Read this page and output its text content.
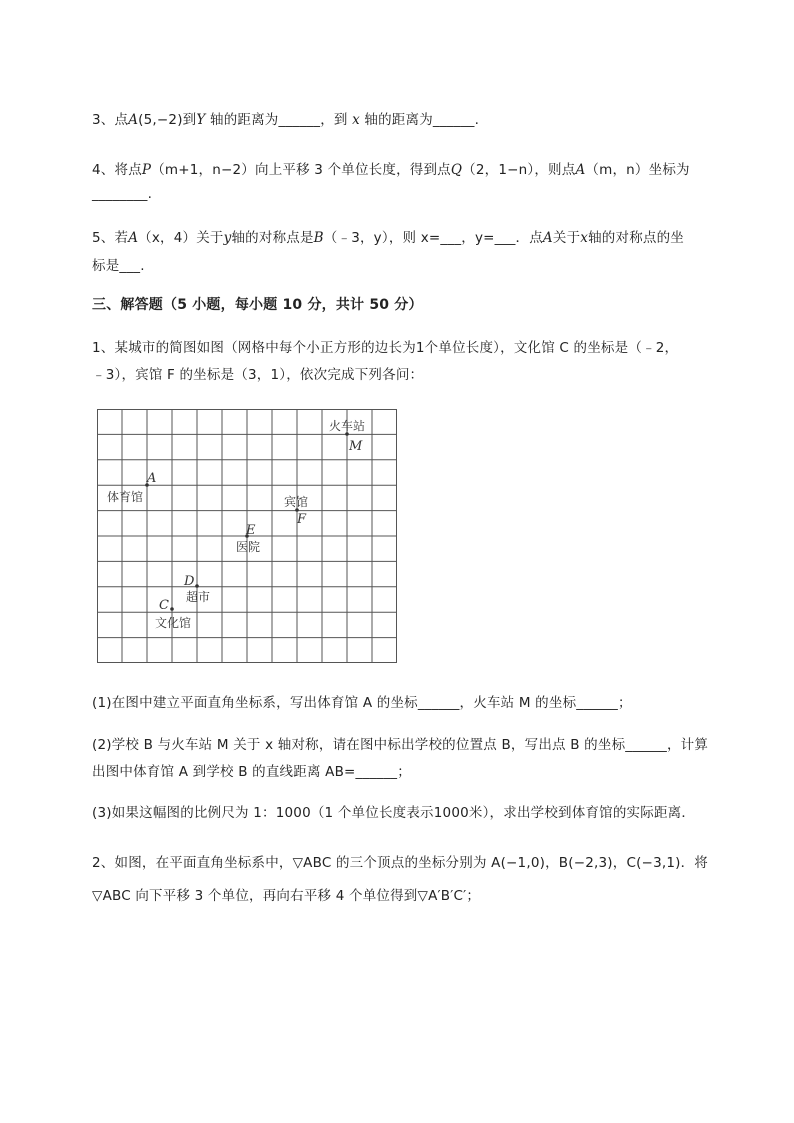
3、点A(5,−2)到Y 轴的距离为______，到 x 轴的距离为______.
4、将点P（m+1，n−2）向上平移 3 个单位长度，得到点Q（2，1−n），则点A（m，n）坐标为
________.
5、若A（x，4）关于y轴的对称点是B（﹣3，y），则 x=___，y=___．点A关于x轴的对称点的坐
标是___.
三、解答题（5 小题，每小题 10 分，共计 50 分）
1、某城市的简图如图（网格中每个小正方形的边长为1个单位长度），文化馆 C 的坐标是（﹣2，
﹣3），宾馆 F 的坐标是（3，1），依次完成下列各问：
火车站
M
A
体育馆	宾馆
F
E
医院
D
超市
C
文化馆
(1)在图中建立平面直角坐标系，写出体育馆 A 的坐标______，火车站 M 的坐标______；
(2)学校 B 与火车站 M 关于 x 轴对称，请在图中标出学校的位置点 B，写出点 B 的坐标______，计算
出图中体育馆 A 到学校 B 的直线距离 AB=______；
(3)如果这幅图的比例尺为 1：1000（1 个单位长度表示1000米），求出学校到体育馆的实际距离．
2、如图，在平面直角坐标系中，▽ABC 的三个顶点的坐标分别为 A(−1,0)，B(−2,3)，C(−3,1)．将
▽ABC 向下平移 3 个单位，再向右平移 4 个单位得到▽A′B′C′；
